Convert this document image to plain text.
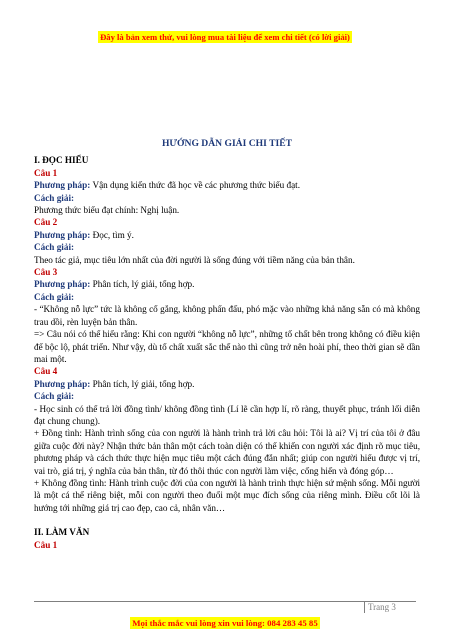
Đây là bản xem thử, vui lòng mua tài liệu để xem chi tiết (có lời giải)
HƯỚNG DẪN GIẢI CHI TIẾT
I. ĐỌC HIỂU
Câu 1

Phương pháp: Vận dụng kiến thức đã học về các phương thức biểu đạt.

Cách giải:

Phương thức biểu đạt chính: Nghị luận.

Câu 2

Phương pháp: Đọc, tìm ý.

Cách giải:

Theo tác giả, mục tiêu lớn nhất của đời người là sống đúng với tiềm năng của bản thân.

Câu 3

Phương pháp: Phân tích, lý giải, tổng hợp.

Cách giải:

- “Không nỗ lực” tức là không cố gắng, không phấn đấu, phó mặc vào những khả năng sẵn có mà không trau dồi, rèn luyện bản thân.

=> Câu nói có thể hiểu rằng: Khi con người “không nỗ lực”, những tố chất bên trong không có điều kiện để bộc lộ, phát triển. Như vậy, dù tố chất xuất sắc thế nào thì cũng trở nên hoài phí, theo thời gian sẽ dần mai một.

Câu 4

Phương pháp: Phân tích, lý giải, tổng hợp.

Cách giải:

- Học sinh có thể trả lời đồng tình/ không đồng tình (Lí lẽ cần hợp lí, rõ ràng, thuyết phục, tránh lối diễn đạt chung chung).

+ Đồng tình: Hành trình sống của con người là hành trình trả lời câu hỏi: Tôi là ai? Vị trí của tôi ở đâu giữa cuộc đời này? Nhận thức bản thân một cách toàn diện có thể khiến con người xác định rõ mục tiêu, phương pháp và cách thức thực hiện mục tiêu một cách đúng đắn nhất; giúp con người hiểu được vị trí, vai trò, giá trị, ý nghĩa của bản thân, từ đó thôi thúc con người làm việc, cống hiến và đóng góp…

+ Không đồng tình: Hành trình cuộc đời của con người là hành trình thực hiện sứ mệnh sống. Mỗi người là một cá thể riêng biệt, mỗi con người theo đuổi một mục đích sống của riêng mình. Điều cốt lõi là hướng tới những giá trị cao đẹp, cao cả, nhân văn…

II. LÀM VĂN
Câu 1
Trang 3
Mọi thắc mắc vui lòng xin vui lòng: 084 283 45 85
